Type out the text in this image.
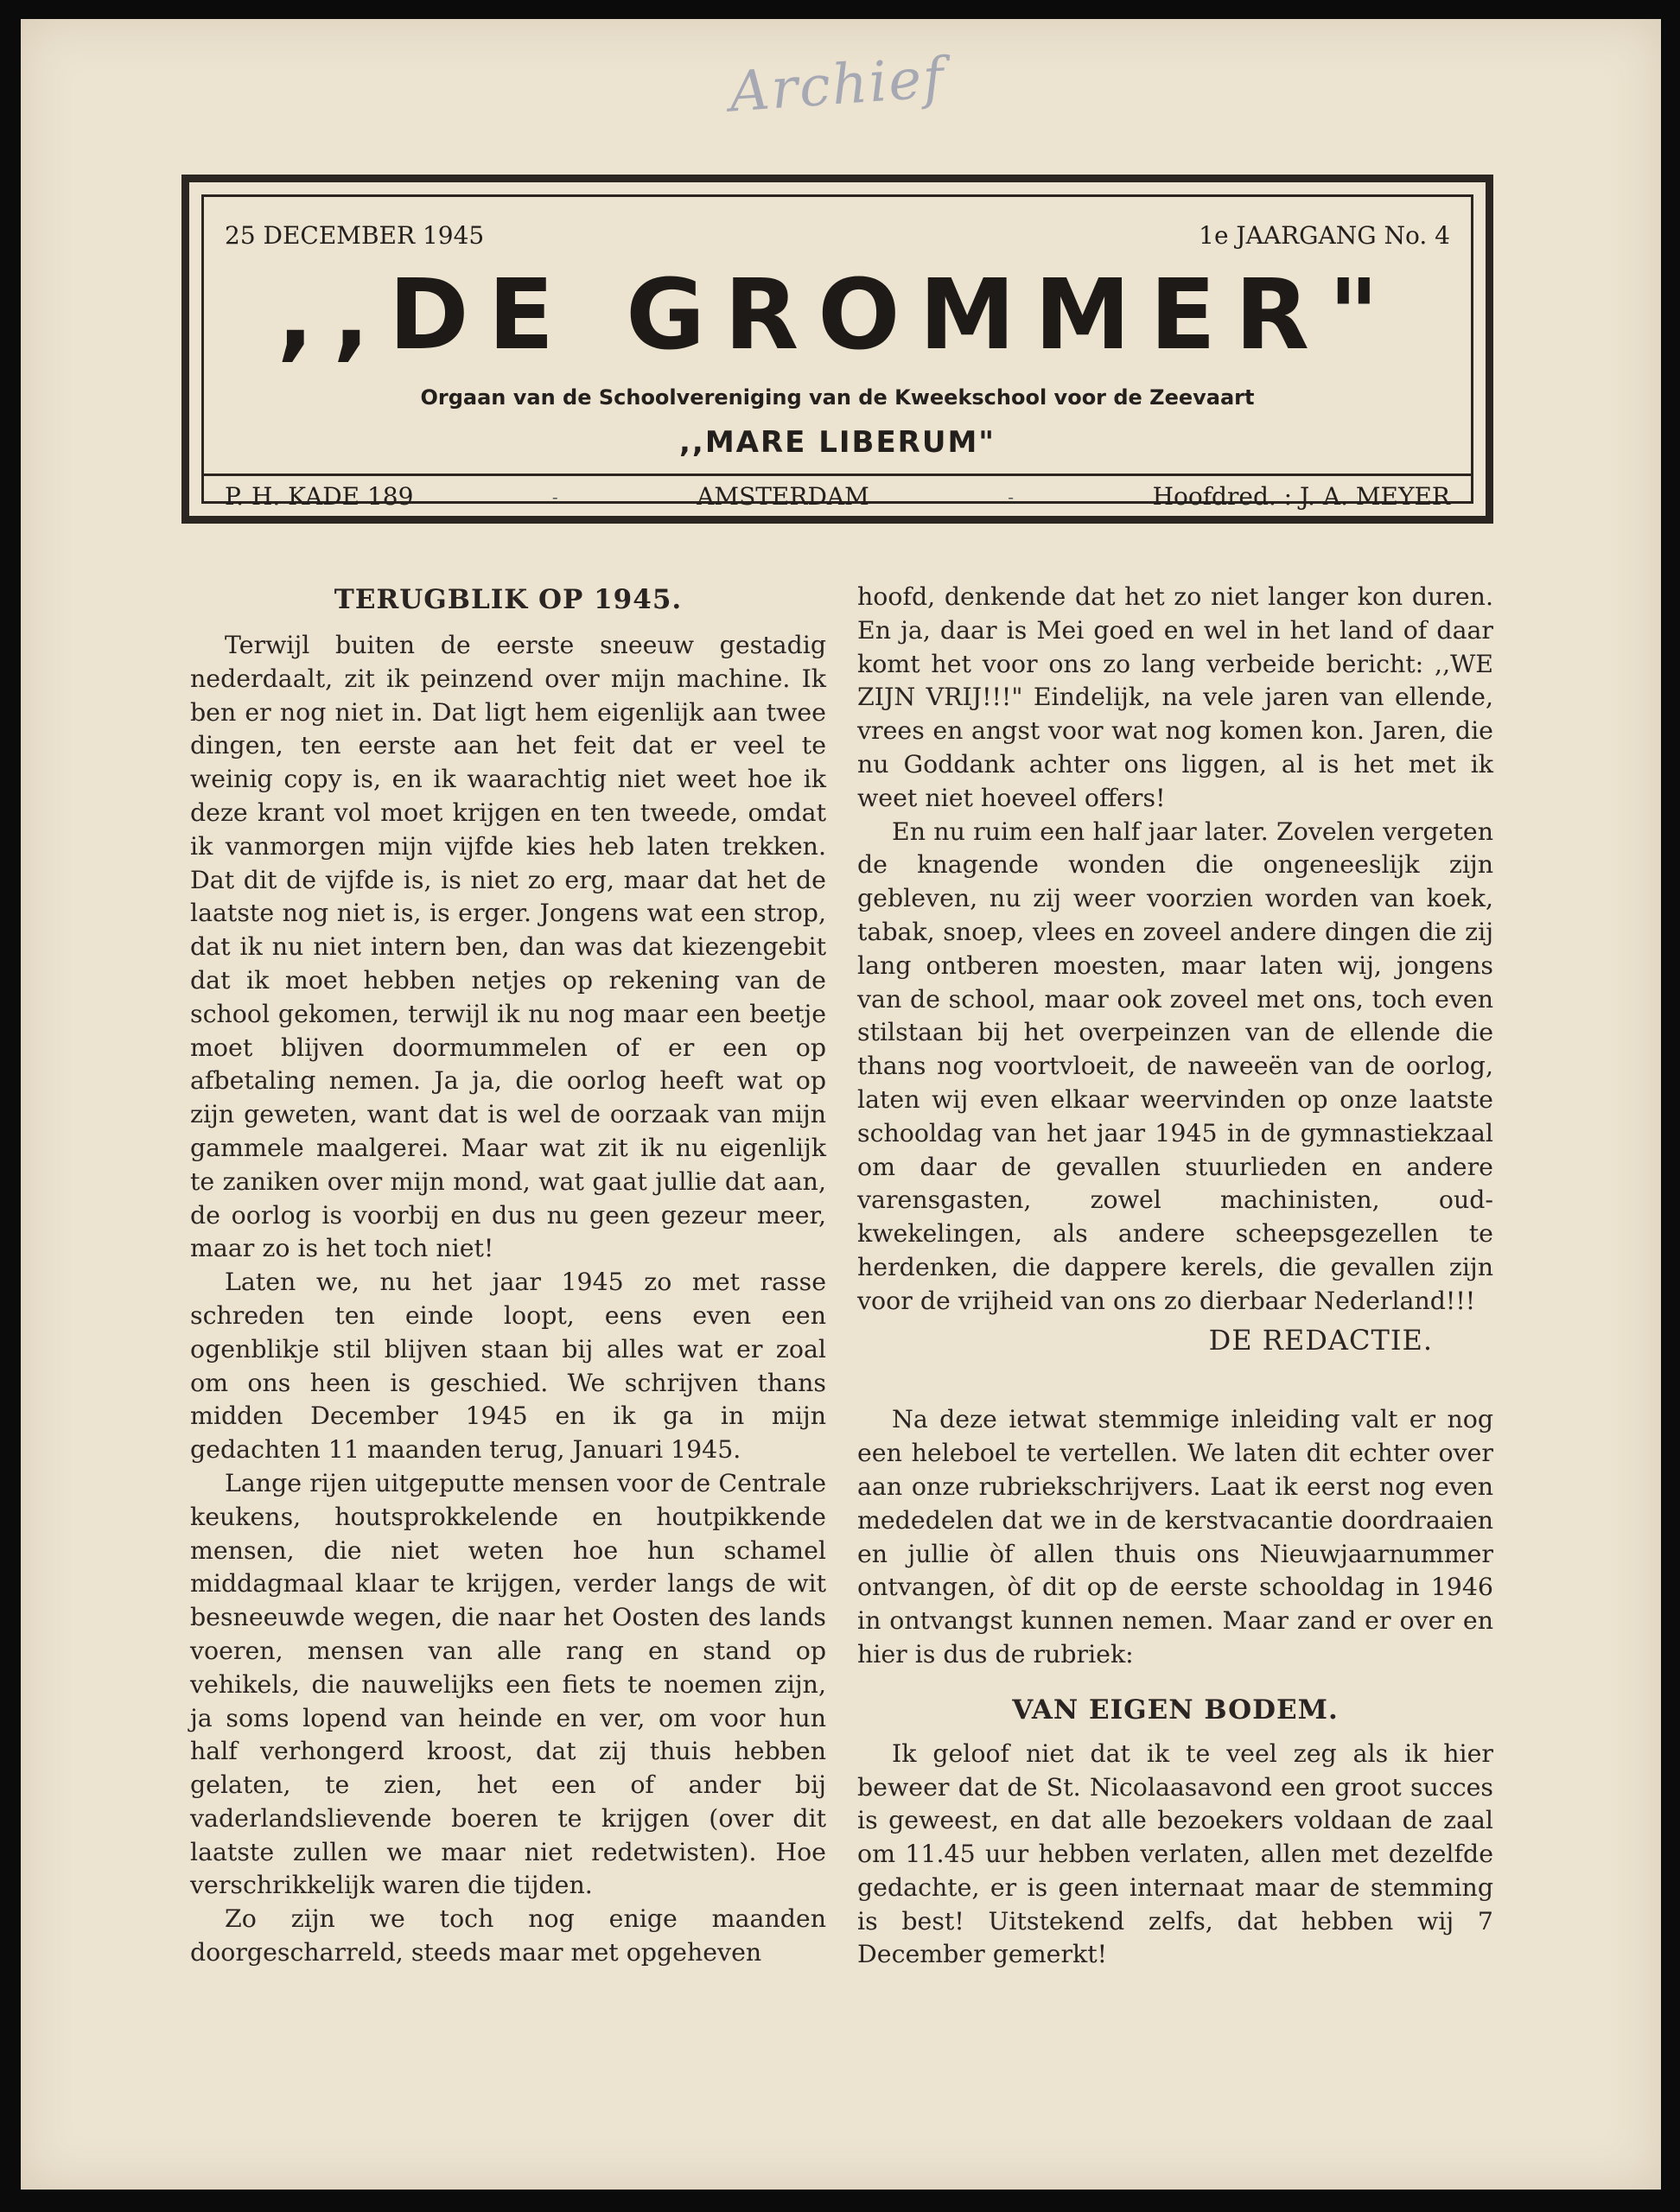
Archief
25 DECEMBER 1945	1e JAARGANG No. 4
,,DE GROMMER"
Orgaan van de Schoolvereniging van de Kweekschool voor de Zeevaart
,,MARE LIBERUM"
P. H. KADE 189	-	AMSTERDAM	-	Hoofdred. : J. A. MEYER
TERUGBLIK OP 1945.

Terwijl buiten de eerste sneeuw gestadig nederdaalt, zit ik peinzend over mijn machine. Ik ben er nog niet in. Dat ligt hem eigenlijk aan twee dingen, ten eerste aan het feit dat er veel te weinig copy is, en ik waarachtig niet weet hoe ik deze krant vol moet krijgen en ten tweede, omdat ik vanmorgen mijn vijfde kies heb laten trekken. Dat dit de vijfde is, is niet zo erg, maar dat het de laatste nog niet is, is erger. Jongens wat een strop, dat ik nu niet intern ben, dan was dat kiezengebit dat ik moet hebben netjes op rekening van de school gekomen, terwijl ik nu nog maar een beetje moet blijven doormummelen of er een op afbetaling nemen. Ja ja, die oorlog heeft wat op zijn geweten, want dat is wel de oorzaak van mijn gammele maalgerei. Maar wat zit ik nu eigenlijk te zaniken over mijn mond, wat gaat jullie dat aan, de oorlog is voorbij en dus nu geen gezeur meer, maar zo is het toch niet!

Laten we, nu het jaar 1945 zo met rasse schreden ten einde loopt, eens even een ogenblikje stil blijven staan bij alles wat er zoal om ons heen is geschied. We schrijven thans midden December 1945 en ik ga in mijn gedachten 11 maanden terug, Januari 1945.

Lange rijen uitgeputte mensen voor de Centrale keukens, houtsprokkelende en houtpikkende mensen, die niet weten hoe hun schamel middagmaal klaar te krijgen, verder langs de wit besneeuwde wegen, die naar het Oosten des lands voeren, mensen van alle rang en stand op vehikels, die nauwelijks een fiets te noemen zijn, ja soms lopend van heinde en ver, om voor hun half verhongerd kroost, dat zij thuis hebben gelaten, te zien, het een of ander bij vaderlandslievende boeren te krijgen (over dit laatste zullen we maar niet redetwisten). Hoe verschrikkelijk waren die tijden.

Zo zijn we toch nog enige maanden doorgescharreld, steeds maar met opgeheven

hoofd, denkende dat het zo niet langer kon duren. En ja, daar is Mei goed en wel in het land of daar komt het voor ons zo lang verbeide bericht: ,,WE ZIJN VRIJ!!!" Eindelijk, na vele jaren van ellende, vrees en angst voor wat nog komen kon. Jaren, die nu Goddank achter ons liggen, al is het met ik weet niet hoeveel offers!

En nu ruim een half jaar later. Zovelen vergeten de knagende wonden die ongeneeslijk zijn gebleven, nu zij weer voorzien worden van koek, tabak, snoep, vlees en zoveel andere dingen die zij lang ontberen moesten, maar laten wij, jongens van de school, maar ook zoveel met ons, toch even stilstaan bij het overpeinzen van de ellende die thans nog voortvloeit, de naweeën van de oorlog, laten wij even elkaar weervinden op onze laatste schooldag van het jaar 1945 in de gymnastiekzaal om daar de gevallen stuurlieden en andere varensgasten, zowel machinisten, oud-kwekelingen, als andere scheepsgezellen te herdenken, die dappere kerels, die gevallen zijn voor de vrijheid van ons zo dierbaar Nederland!!!

DE REDACTIE.

Na deze ietwat stemmige inleiding valt er nog een heleboel te vertellen. We laten dit echter over aan onze rubriekschrijvers. Laat ik eerst nog even mededelen dat we in de kerstvacantie doordraaien en jullie òf allen thuis ons Nieuwjaarnummer ontvangen, òf dit op de eerste schooldag in 1946 in ontvangst kunnen nemen. Maar zand er over en hier is dus de rubriek:

VAN EIGEN BODEM.

Ik geloof niet dat ik te veel zeg als ik hier beweer dat de St. Nicolaasavond een groot succes is geweest, en dat alle bezoekers voldaan de zaal om 11.45 uur hebben verlaten, allen met dezelfde gedachte, er is geen internaat maar de stemming is best! Uitstekend zelfs, dat hebben wij 7 December gemerkt!
